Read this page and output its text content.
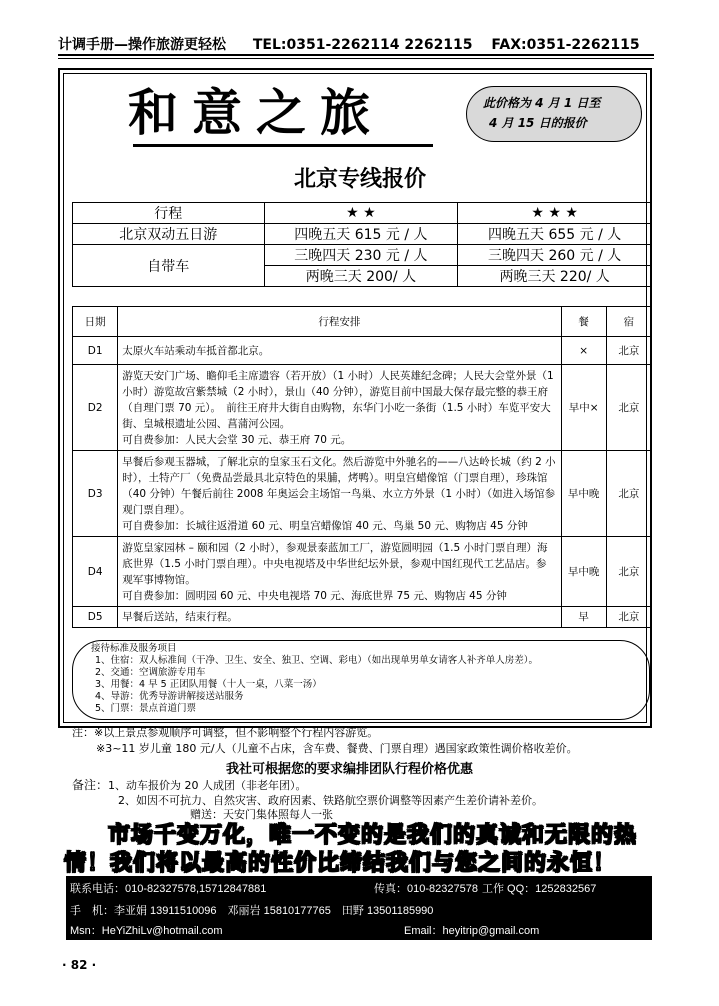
计调手册—操作旅游更轻松 TEL:0351-2262114 2262115 FAX:0351-2262115
和意之旅	此价格为 4 月 1 日至
4 月 15 日的报价
北京专线报价
行程	★ ★	★ ★ ★
北京双动五日游	四晚五天 615 元 / 人	四晚五天 655 元 / 人
自带车	三晚四天 230 元 / 人	三晚四天 260 元 / 人
	两晚三天 200/ 人	两晚三天 220/ 人
日期	行程安排	餐	宿
D1	太原火车站乘动车抵首都北京。	×	北京
D2	游览天安门广场、瞻仰毛主席遗容（若开放）（1 小时）人民英雄纪念碑；人民大会堂外景（1 小时）游览故宫紫禁城（2 小时），景山（40 分钟），游览目前中国最大保存最完整的恭王府（自理门票 70 元）。　前往王府井大街自由购物，东华门小吃一条街（1.5 小时）车览平安大街、皇城根遗址公园、菖蒲河公园。
可自费参加：人民大会堂 30 元、恭王府 70 元。	早中×	北京
D3	早餐后参观玉器城，了解北京的皇家玉石文化。然后游览中外驰名的——八达岭长城（约 2 小时），土特产厂（免费品尝最具北京特色的果脯，烤鸭）。明皇宫蜡像馆（门票自理），珍珠馆（40 分钟）午餐后前往 2008 年奥运会主场馆一鸟巢、水立方外景（1 小时）（如进入场馆参观门票自理）。
可自费参加：长城往返滑道 60 元、明皇宫蜡像馆 40 元、鸟巢 50 元、购物店 45 分钟	早中晚	北京
D4	游览皇家园林 – 颐和园（2 小时），参观景泰蓝加工厂，游览圆明园（1.5 小时门票自理）海底世界（1.5 小时门票自理）。中央电视塔及中华世纪坛外景，参观中国红现代工艺品店。参观军事博物馆。
可自费参加：圆明园 60 元、中央电视塔 70 元、海底世界 75 元、购物店 45 分钟	早中晚	北京
D5	早餐后送站，结束行程。	早	北京
接待标准及服务项目
1、住宿：双人标准间（干净、卫生、安全、独卫、空调、彩电）（如出现单男单女请客人补齐单人房差）。
2、交通：空调旅游专用车
3、用餐：4 早 5 正团队用餐（十人一桌，八菜一汤）
4、导游：优秀导游讲解接送站服务
5、门票：景点首道门票
注：※以上景点参观顺序可调整，但不影响整个行程内容游览。
※3~11 岁儿童 180 元/人（儿童不占床，含车费、餐费、门票自理）遇国家政策性调价格收差价。
我社可根据您的要求编排团队行程价格优惠
备注：1、动车报价为 20 人成团（非老年团）。
2、如因不可抗力、自然灾害、政府因素、铁路航空票价调整等因素产生差价请补差价。
赠送：天安门集体照每人一张
市场千变万化，唯一不变的是我们的真诚和无限的热
情！我们将以最高的性价比缔结我们与您之间的永恒！
联系电话：010-82327578,15712847881	传真：010-82327578 工作 QQ：1252832567
手　机：李亚娟 13911510096　邓丽岩 15810177765　田野 13501185990
Msn：HeYiZhiLv@hotmail.com	Email：heyitrip@gmail.com
· 82 ·
